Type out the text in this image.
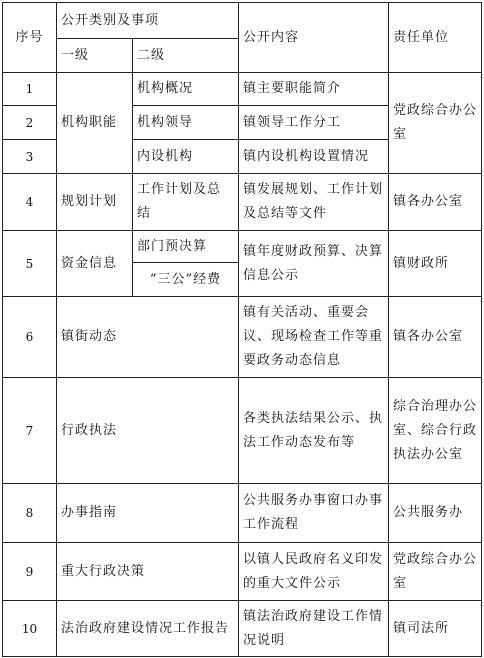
序号	公开类别及事项		公开内容	责任单位
	一级	二级		
1	机构职能	机构概况	镇主要职能简介	党政综合办公室
2		机构领导	镇领导工作分工	
3		内设机构	镇内设机构设置情况	
4	规划计划	工作计划及总结	镇发展规划、工作计划及总结等文件	镇各办公室
5	资金信息	部门预决算	镇年度财政预算、决算信息公示	镇财政所
		“三公”经费		
6	镇街动态		镇有关活动、重要会议、现场检查工作等重要政务动态信息	镇各办公室
7	行政执法		各类执法结果公示、执法工作动态发布等	综合治理办公室、综合行政执法办公室
8	办事指南		公共服务办事窗口办事工作流程	公共服务办
9	重大行政决策		以镇人民政府名义印发的重大文件公示	党政综合办公室
10	法治政府建设情况工作报告		镇法治政府建设工作情况说明	镇司法所
